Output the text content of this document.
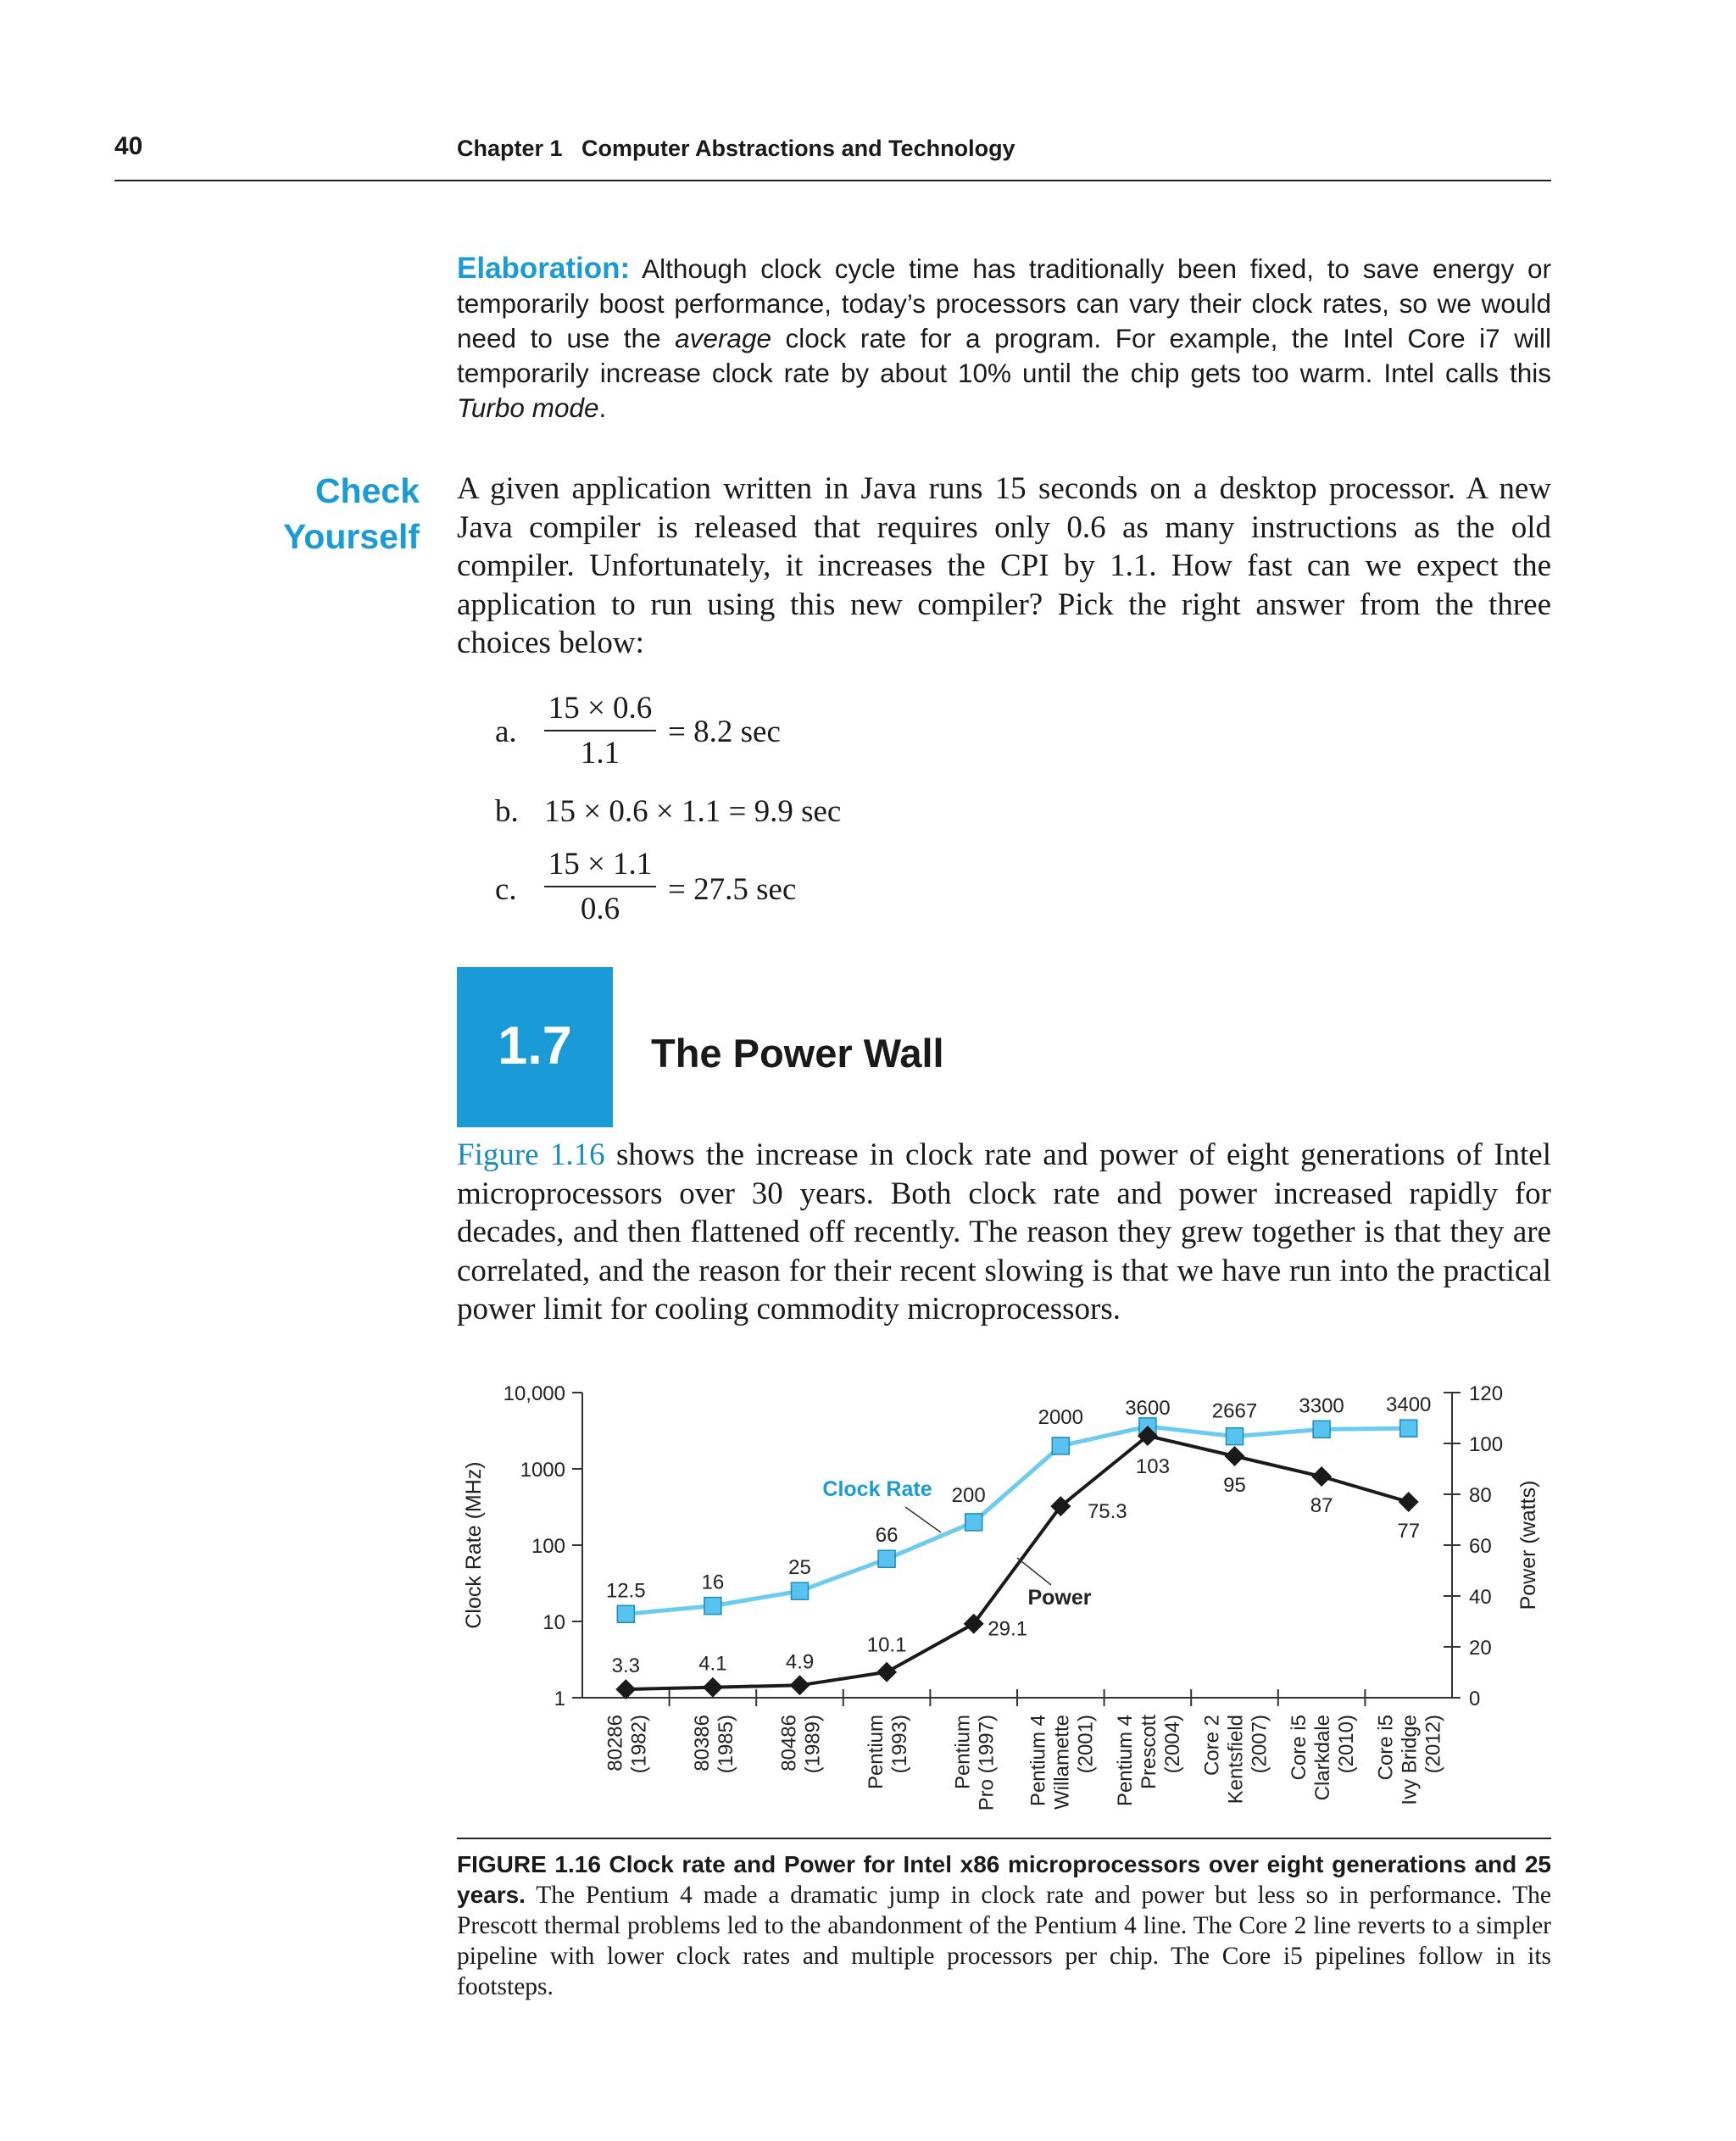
40	Chapter 1   Computer Abstractions and Technology
Elaboration: Although clock cycle time has traditionally been fixed, to save energy or temporarily boost performance, today’s processors can vary their clock rates, so we would need to use the average clock rate for a program. For example, the Intel Core i7 will temporarily increase clock rate by about 10% until the chip gets too warm. Intel calls this Turbo mode.
Check
Yourself
A given application written in Java runs 15 seconds on a desktop processor. A new Java compiler is released that requires only 0.6 as many instructions as the old compiler. Unfortunately, it increases the CPI by 1.1. How fast can we expect the application to run using this new compiler? Pick the right answer from the three choices below:
a.
15 × 0.6
1.1
= 8.2 sec
b. 15 × 0.6 × 1.1 = 9.9 sec
c.
15 × 1.1
0.6
= 27.5 sec
1.7	The Power Wall
Figure 1.16 shows the increase in clock rate and power of eight generations of Intel microprocessors over 30 years. Both clock rate and power increased rapidly for decades, and then flattened off recently. The reason they grew together is that they are correlated, and the reason for their recent slowing is that we have run into the practical power limit for cooling commodity microprocessors.
1
10
100
1000
10,000
0
20
40
60
80
100
120
80286(1982) 80386(1985) 80486(1989) Pentium(1993) PentiumPro (1997) Pentium 4Willamette(2001) Pentium 4Prescott(2004) Core 2Kentsfield(2007) Core i5Clarkdale(2010) Core i5Ivy Bridge(2012)
12.5	16
25
66
200
2000 3600 2667 3300 3400
3.3	4.1	4.9
10.1
29.1
75.3
103
95
87
77
Clock Rate
Power
Clock Rate (MHz)	Power (watts)
FIGURE 1.16 Clock rate and Power for Intel x86 microprocessors over eight generations and 25 years. The Pentium 4 made a dramatic jump in clock rate and power but less so in performance. The Prescott thermal problems led to the abandonment of the Pentium 4 line. The Core 2 line reverts to a simpler pipeline with lower clock rates and multiple processors per chip. The Core i5 pipelines follow in its footsteps.
